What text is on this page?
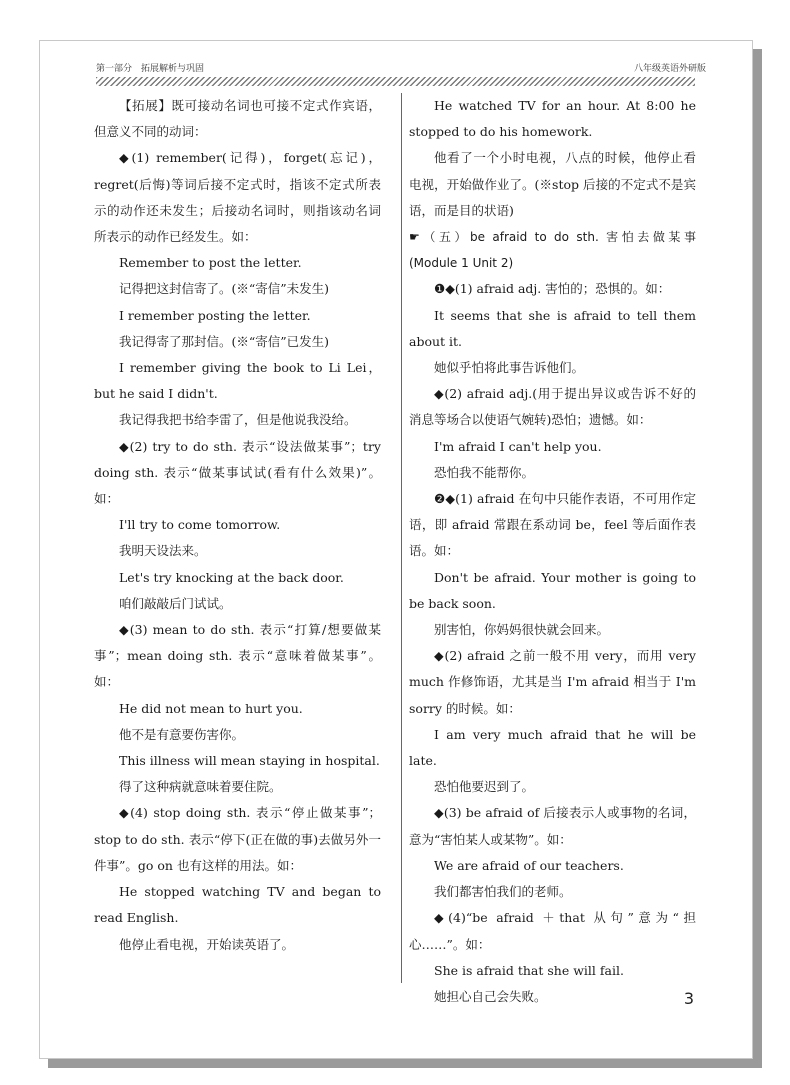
第一部分　拓展解析与巩固	八年级英语外研版

【拓展】既可接动名词也可接不定式作宾语，但意义不同的动词：

◆(1) remember(记得)，forget(忘记)，regret(后悔)等词后接不定式时，指该不定式所表示的动作还未发生；后接动名词时，则指该动名词所表示的动作已经发生。如：

Remember to post the letter.

记得把这封信寄了。(※“寄信”未发生)

I remember posting the letter.

我记得寄了那封信。(※“寄信”已发生)

I remember giving the book to Li Lei，but he said I didn't.

我记得我把书给李雷了，但是他说我没给。

◆(2) try to do sth. 表示“设法做某事”；try doing sth. 表示“做某事试试(看有什么效果)”。如：

I'll try to come tomorrow.

我明天设法来。

Let's try knocking at the back door.

咱们敲敲后门试试。

◆(3) mean to do sth. 表示“打算/想要做某事”；mean doing sth. 表示“意味着做某事”。如：

He did not mean to hurt you.

他不是有意要伤害你。

This illness will mean staying in hospital.

得了这种病就意味着要住院。

◆(4) stop doing sth. 表示“停止做某事”；stop to do sth. 表示“停下(正在做的事)去做另外一件事”。go on 也有这样的用法。如：

He stopped watching TV and began to read English.

他停止看电视，开始读英语了。

He watched TV for an hour. At 8:00 he stopped to do his homework.

他看了一个小时电视，八点的时候，他停止看电视，开始做作业了。(※stop 后接的不定式不是宾语，而是目的状语)

☛（五）be afraid to do sth. 害怕去做某事 (Module 1 Unit 2)

❶◆(1) afraid adj. 害怕的；恐惧的。如：

It seems that she is afraid to tell them about it.

她似乎怕将此事告诉他们。

◆(2) afraid adj.(用于提出异议或告诉不好的消息等场合以使语气婉转)恐怕；遗憾。如：

I'm afraid I can't help you.

恐怕我不能帮你。

❷◆(1) afraid 在句中只能作表语，不可用作定语，即 afraid 常跟在系动词 be，feel 等后面作表语。如：

Don't be afraid. Your mother is going to be back soon.

别害怕，你妈妈很快就会回来。

◆(2) afraid 之前一般不用 very，而用 very much 作修饰语，尤其是当 I'm afraid 相当于 I'm sorry 的时候。如：

I am very much afraid that he will be late.

恐怕他要迟到了。

◆(3) be afraid of 后接表示人或事物的名词，意为“害怕某人或某物”。如：

We are afraid of our teachers.

我们都害怕我们的老师。

◆(4)“be afraid ＋that 从句”意为“担心……”。如：

She is afraid that she will fail.

她担心自己会失败。	3
